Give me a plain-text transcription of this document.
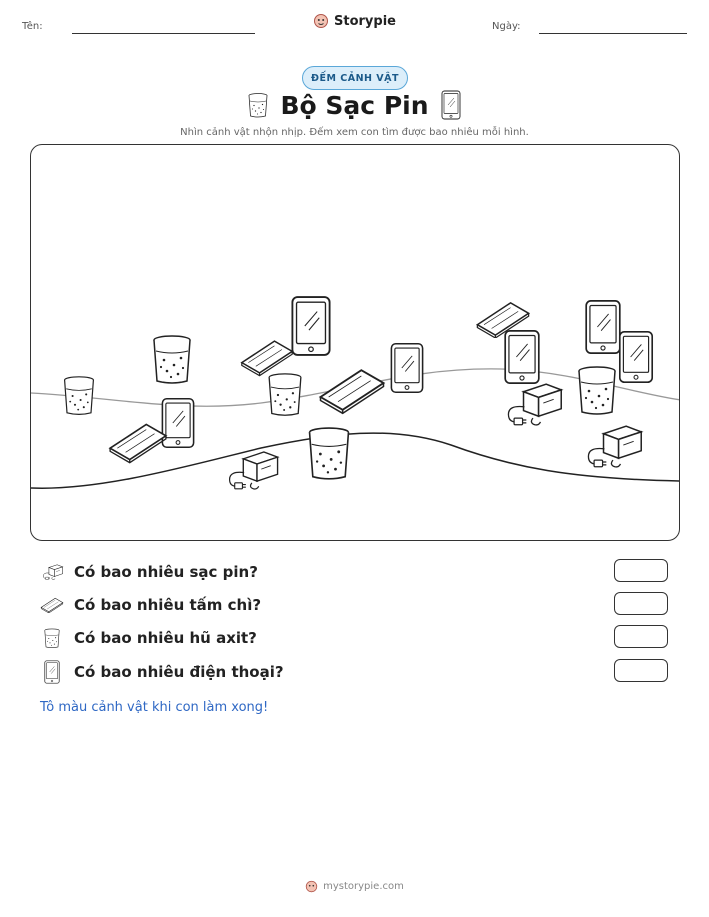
Tên:	Storypie	Ngày:
ĐẾM CẢNH VẬT
Bộ Sạc Pin
Nhìn cảnh vật nhộn nhịp. Đếm xem con tìm được bao nhiêu mỗi hình.
Có bao nhiêu sạc pin?
Có bao nhiêu tấm chì?
Có bao nhiêu hũ axit?
Có bao nhiêu điện thoại?
Tô màu cảnh vật khi con làm xong!
mystorypie.com
